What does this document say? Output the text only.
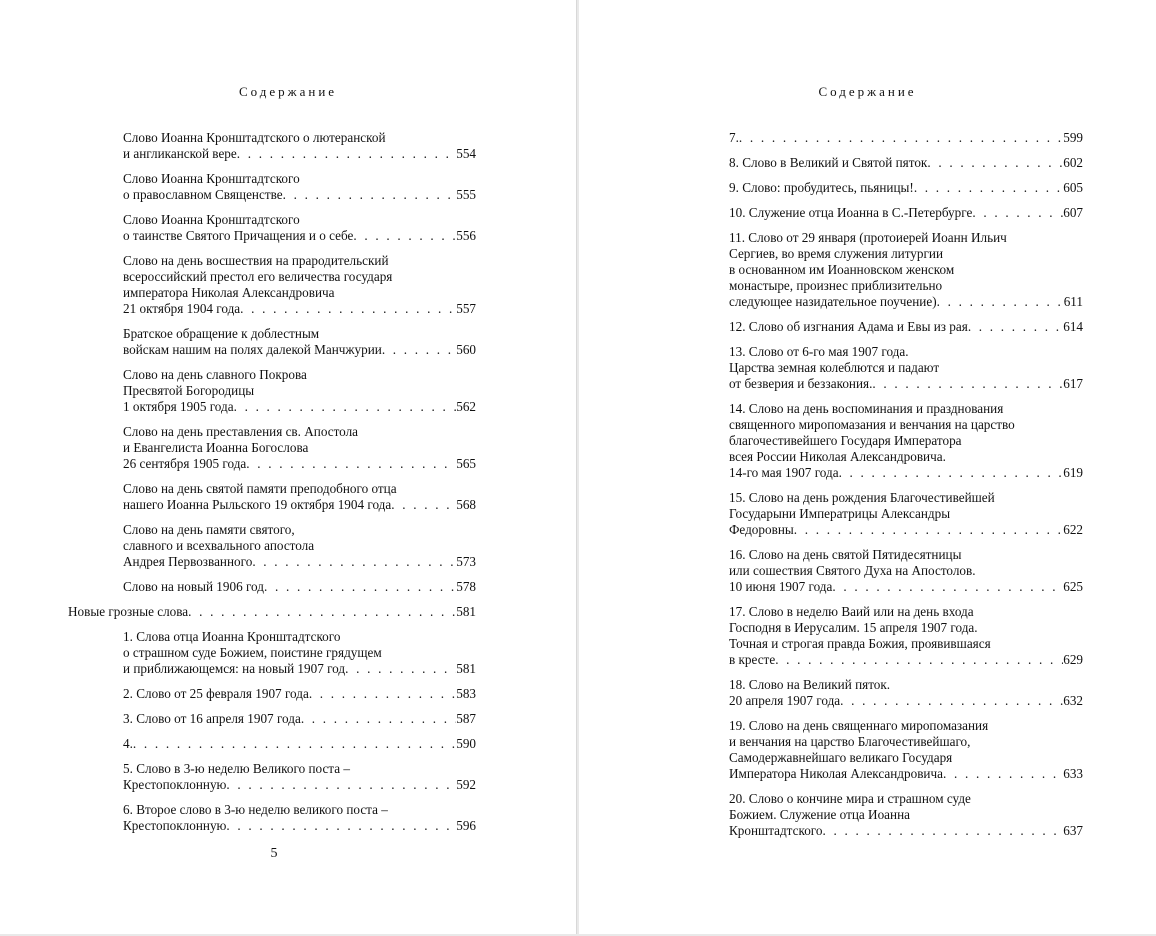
Содержание
Слово Иоанна Кронштадтского о лютеранской
и англиканской вере . . .	554
Слово Иоанна Кронштадтского
о православном Священстве . . .	555
Слово Иоанна Кронштадтского
о таинстве Святого Причащения и о себе . . .	556
Слово на день восшествия на прародительский
всероссийский престол его величества государя
императора Николая Александровича
21 октября 1904 года . . .	557
Братское обращение к доблестным
войскам нашим на полях далекой Манчжурии . . .	560
Слово на день славного Покрова
Пресвятой Богородицы
1 октября 1905 года . . .	562
Слово на день преставления св. Апостола
и Евангелиста Иоанна Богослова
26 сентября 1905 года . . .	565
Слово на день святой памяти преподобного отца
нашего Иоанна Рыльского 19 октября 1904 года . . .	568
Слово на день памяти святого,
славного и всехвального апостола
Андрея Первозванного . . .	573
Слово на новый 1906 год . . .	578
Новые грозные слова . . .	581
1. Слова отца Иоанна Кронштадтского
о страшном суде Божием, поистине грядущем
и приближающемся: на новый 1907 год . . .	581
2. Слово от 25 февраля 1907 года . . .	583
3. Слово от 16 апреля 1907 года . . .	587
4. . . .	590
5. Слово в 3-ю неделю Великого поста –
Крестопоклонную . . .	592
6. Второе слово в 3-ю неделю великого поста –
Крестопоклонную . . .	596
5
Содержание
7. . . .	599
8. Слово в Великий и Святой пяток . . .	602
9. Слово: пробудитесь, пьяницы! . . .	605
10. Служение отца Иоанна в С.-Петербурге . . .	607
11. Слово от 29 января (протоиерей Иоанн Ильич
Сергиев, во время служения литургии
в основанном им Иоанновском женском
монастыре, произнес приблизительно
следующее назидательное поучение) . . .	611
12. Слово об изгнания Адама и Евы из рая . . .	614
13. Слово от 6-го мая 1907 года.
Царства земная колеблются и падают
от безверия и беззакония. . . .	617
14. Слово на день воспоминания и празднования
священного миропомазания и венчания на царство
благочестивейшего Государя Императора
всея России Николая Александровича.
14-го мая 1907 года . . .	619
15. Слово на день рождения Благочестивейшей
Государыни Императрицы Александры
Федоровны . . .	622
16. Слово на день святой Пятидесятницы
или сошествия Святого Духа на Апостолов.
10 июня 1907 года . . .	625
17. Слово в неделю Ваий или на день входа
Господня в Иерусалим. 15 апреля 1907 года.
Точная и строгая правда Божия, проявившаяся
в кресте . . .	629
18. Слово на Великий пяток.
20 апреля 1907 года . . .	632
19. Слово на день священнаго миропомазания
и венчания на царство Благочестивейшаго,
Самодержавнейшаго великаго Государя
Императора Николая Александровича . . .	633
20. Слово о кончине мира и страшном суде
Божием. Служение отца Иоанна
Кронштадтского . . .	637
